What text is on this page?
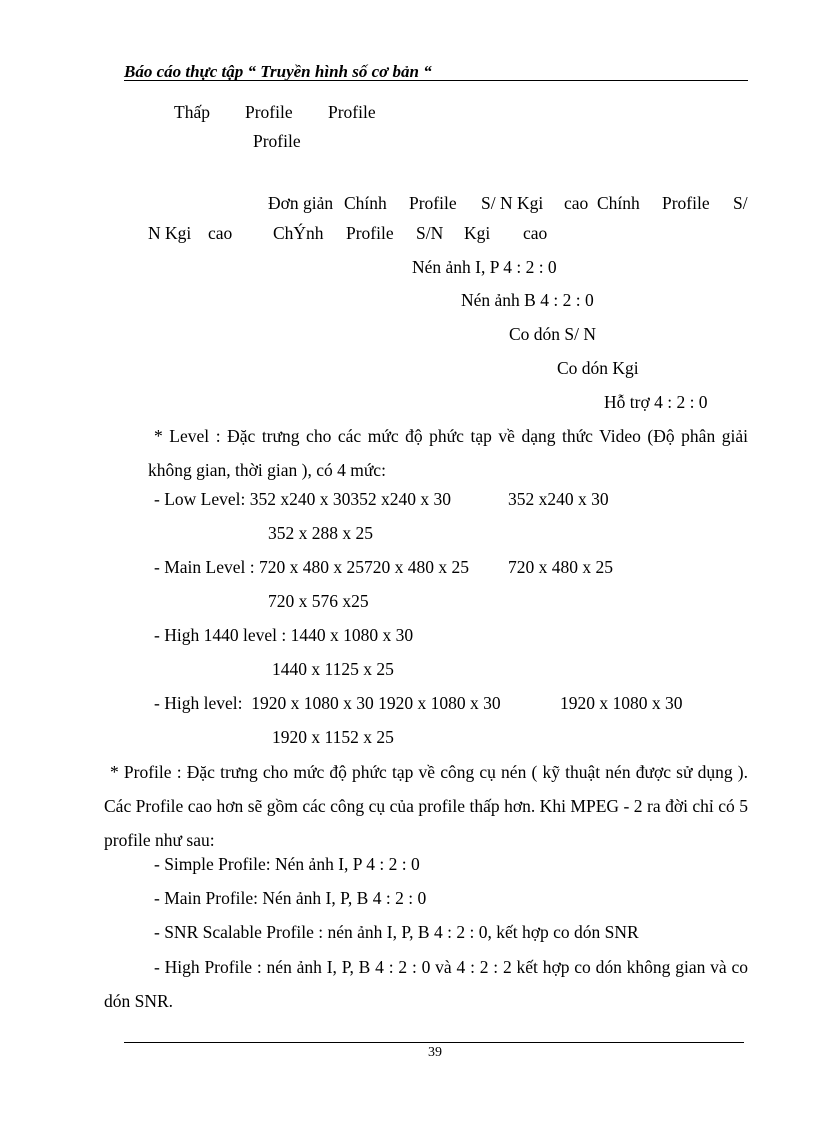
Báo cáo thực tập “ Truyền hình số cơ bản “
Thấp Profile Profile
Profile
Đơn giản Chính Profile S/ N Kgi cao Chính Profile S/
N Kgi cao ChÝnh Profile S/N Kgi cao
Nén ảnh I, P 4 : 2 : 0
Nén ảnh B 4 : 2 : 0
Co dón S/ N
Co dón Kgi
Hỗ trợ 4 : 2 : 0
* Level : Đặc trưng cho các mức độ phức tạp về dạng thức Video (Độ phân giải không gian, thời gian ), có 4 mức:
- Low Level: 352 x240 x 30352 x240 x 30	352 x240 x 30
352 x 288 x 25
- Main Level : 720 x 480 x 25720 x 480 x 25 720 x 480 x 25
720 x 576 x25
- High 1440 level : 1440 x 1080 x 30
1440 x 1125 x 25
- High level:  1920 x 1080 x 30 1920 x 1080 x 30	1920 x 1080 x 30
1920 x 1152 x 25
* Profile : Đặc trưng cho mức độ phức tạp về công cụ nén ( kỹ thuật nén được sử dụng ). Các Profile cao hơn sẽ gồm các công cụ của profile thấp hơn. Khi MPEG - 2 ra đời chỉ có 5 profile như sau:
- Simple Profile: Nén ảnh I, P 4 : 2 : 0
- Main Profile: Nén ảnh I, P, B 4 : 2 : 0
- SNR Scalable Profile : nén ảnh I, P, B 4 : 2 : 0, kết hợp co dón SNR
- High Profile : nén ảnh I, P, B 4 : 2 : 0 và 4 : 2 : 2 kết hợp co dón không gian và co dón SNR.
39
